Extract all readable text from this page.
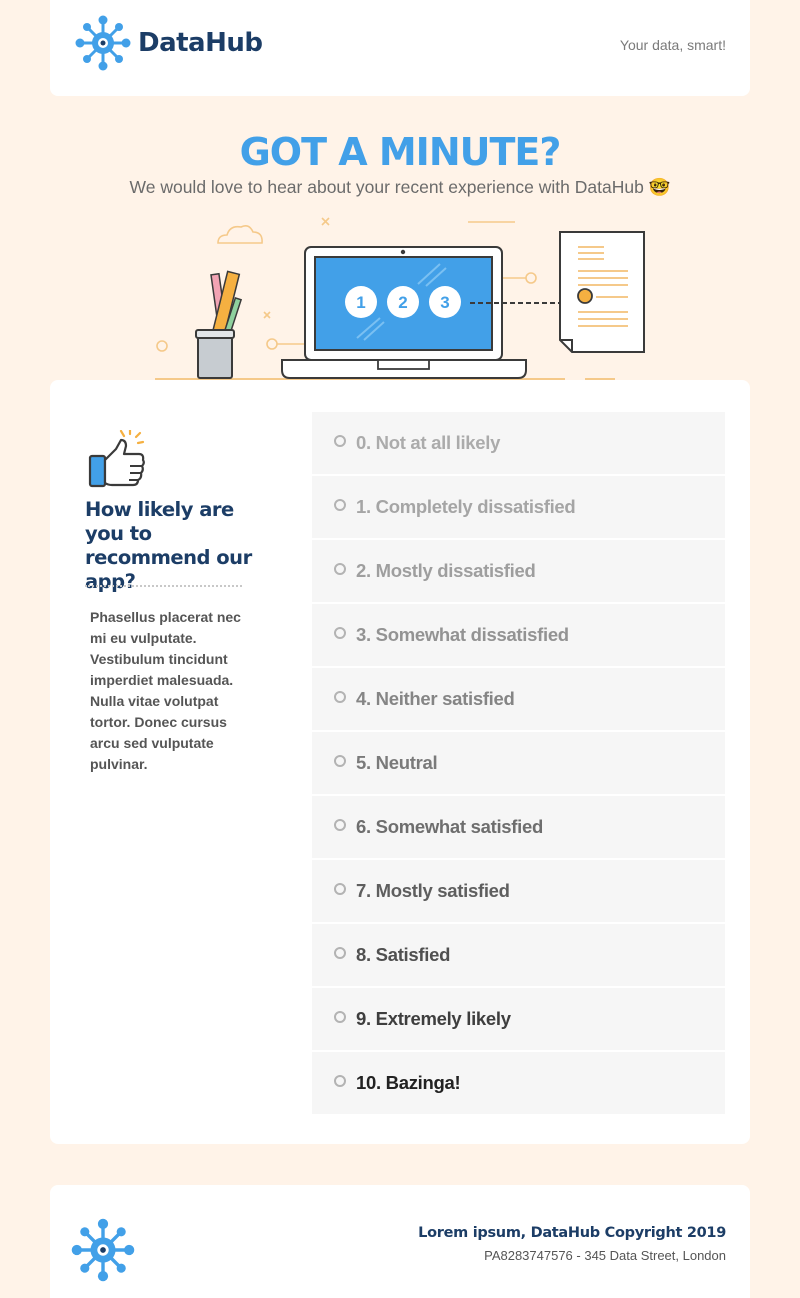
DataHub	Your data, smart!
GOT A MINUTE?
We would love to hear about your recent experience with DataHub 🤓
1 2 3
How likely are you to recommend our app?
Phasellus placerat nec mi eu vulputate. Vestibulum tincidunt imperdiet malesuada. Nulla vitae volutpat tortor. Donec cursus arcu sed vulputate pulvinar.
0. Not at all likely
1. Completely dissatisfied
2. Mostly dissatisfied
3. Somewhat dissatisfied
4. Neither satisfied
5. Neutral
6. Somewhat satisfied
7. Mostly satisfied
8. Satisfied
9. Extremely likely
10. Bazinga!
Lorem ipsum, DataHub Copyright 2019
PA8283747576 - 345 Data Street, London
